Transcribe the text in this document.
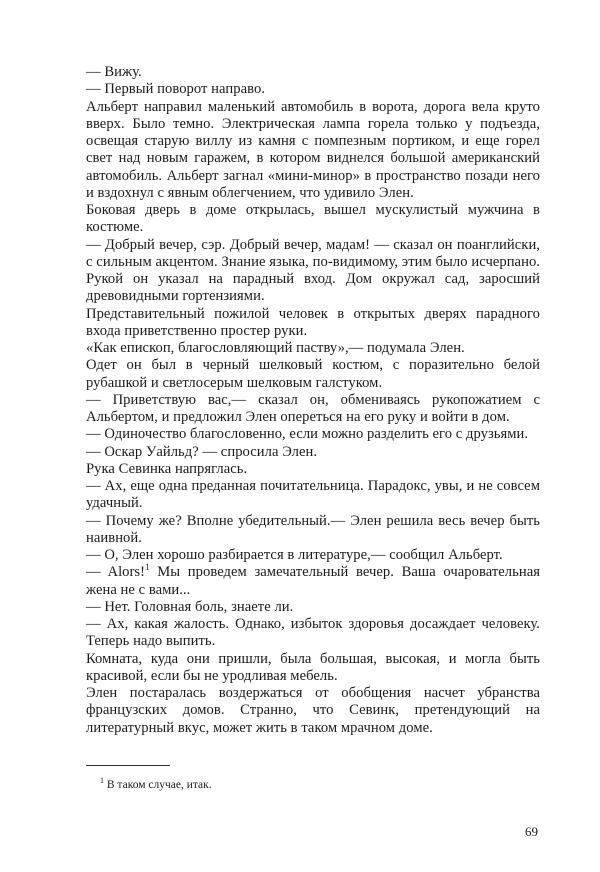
— Вижу.

— Первый поворот направо.

Альберт направил маленький автомобиль в ворота, дорога вела круто вверх. Было темно. Электрическая лампа горела только у подъезда, освещая старую виллу из камня с помпезным портиком, и еще горел свет над новым гаражем, в котором виднелся большой американский автомобиль. Альберт загнал «мини-минор» в пространство позади него и вздохнул с явным облегчением, что удивило Элен.

Боковая дверь в доме открылась, вышел мускулистый мужчина в костюме.

— Добрый вечер, сэр. Добрый вечер, мадам! — сказал он поанглийски, с сильным акцентом. Знание языка, по-видимому, этим было исчерпано. Рукой он указал на парадный вход. Дом окружал сад, заросший древовидными гортензиями.

Представительный пожилой человек в открытых дверях парадного входа приветственно простер руки.

«Как епископ, благословляющий паству»,— подумала Элен.

Одет он был в черный шелковый костюм, с поразительно белой рубашкой и светлосерым шелковым галстуком.

— Приветствую вас,— сказал он, обмениваясь рукопожатием с Альбертом, и предложил Элен опереться на его руку и войти в дом.

— Одиночество благословенно, если можно разделить его с друзьями.

— Оскар Уайльд? — спросила Элен.

Рука Севинка напряглась.

— Ах, еще одна преданная почитательница. Парадокс, увы, и не совсем удачный.

— Почему же? Вполне убедительный.— Элен решила весь вечер быть наивной.

— О, Элен хорошо разбирается в литературе,— сообщил Альберт.

— Alors!$^1$ Мы проведем замечательный вечер. Ваша очаровательная жена не с вами...

— Нет. Головная боль, знаете ли.

— Ах, какая жалость. Однако, избыток здоровья досаждает человеку. Теперь надо выпить.

Комната, куда они пришли, была большая, высокая, и могла быть красивой, если бы не уродливая мебель.

Элен постаралась воздержаться от обобщения насчет убранства французских домов. Странно, что Севинк, претендующий на литературный вкус, может жить в таком мрачном доме.

$^1$ В таком случае, итак.
69
